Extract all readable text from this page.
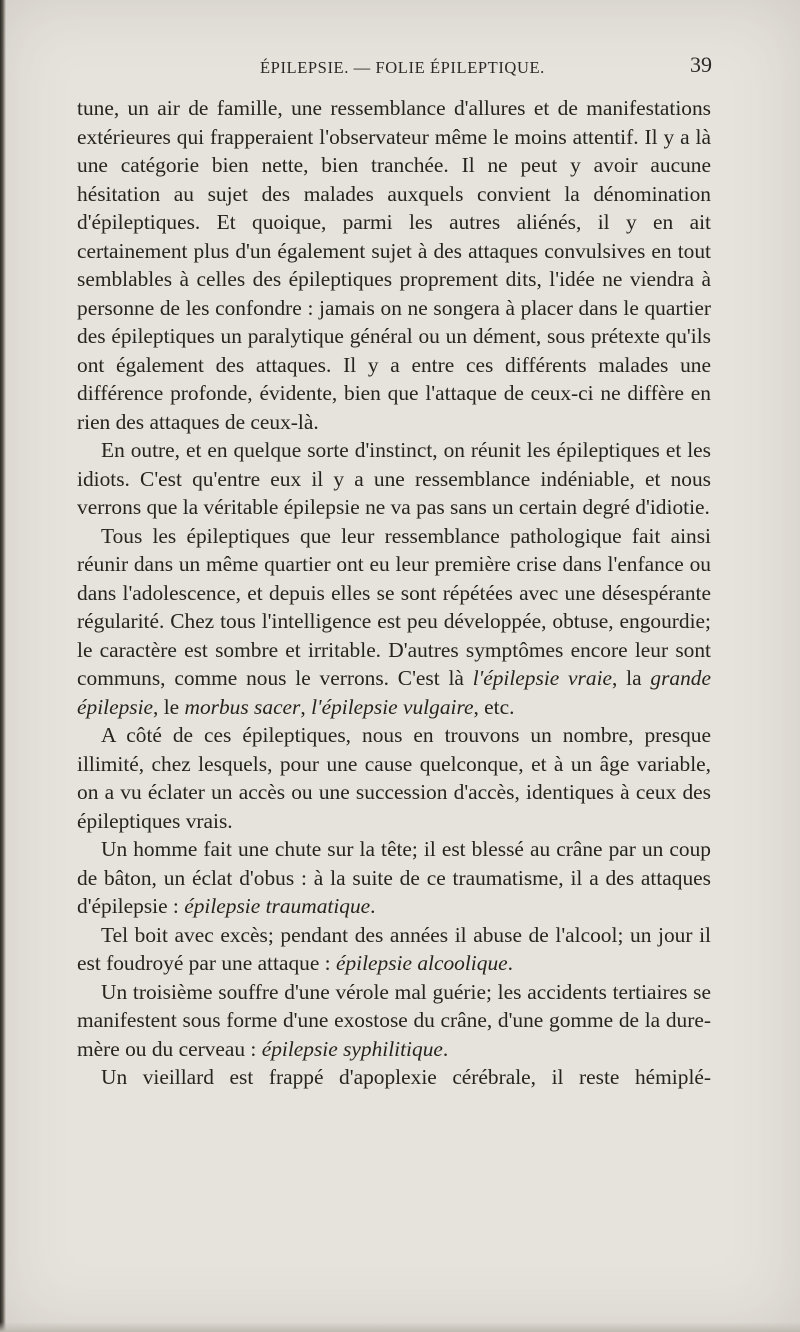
ÉPILEPSIE. — FOLIE ÉPILEPTIQUE.	39

tune, un air de famille, une ressemblance d'allures et de manifestations extérieures qui frapperaient l'observateur même le moins attentif. Il y a là une catégorie bien nette, bien tranchée. Il ne peut y avoir aucune hésitation au sujet des malades auxquels convient la dénomination d'épileptiques. Et quoique, parmi les autres aliénés, il y en ait certainement plus d'un également sujet à des attaques convulsives en tout semblables à celles des épileptiques proprement dits, l'idée ne viendra à personne de les confondre : jamais on ne songera à placer dans le quartier des épileptiques un paralytique général ou un dément, sous prétexte qu'ils ont également des attaques. Il y a entre ces différents malades une différence profonde, évidente, bien que l'attaque de ceux-ci ne diffère en rien des attaques de ceux-là.

En outre, et en quelque sorte d'instinct, on réunit les épileptiques et les idiots. C'est qu'entre eux il y a une ressemblance indéniable, et nous verrons que la véritable épilepsie ne va pas sans un certain degré d'idiotie.

Tous les épileptiques que leur ressemblance pathologique fait ainsi réunir dans un même quartier ont eu leur première crise dans l'enfance ou dans l'adolescence, et depuis elles se sont répétées avec une désespérante régularité. Chez tous l'intelligence est peu développée, obtuse, engourdie; le caractère est sombre et irritable. D'autres symptômes encore leur sont communs, comme nous le verrons. C'est là l'épilepsie vraie, la grande épilepsie, le morbus sacer, l'épilepsie vulgaire, etc.

A côté de ces épileptiques, nous en trouvons un nombre, presque illimité, chez lesquels, pour une cause quelconque, et à un âge variable, on a vu éclater un accès ou une succession d'accès, identiques à ceux des épileptiques vrais.

Un homme fait une chute sur la tête; il est blessé au crâne par un coup de bâton, un éclat d'obus : à la suite de ce traumatisme, il a des attaques d'épilepsie : épilepsie traumatique.

Tel boit avec excès; pendant des années il abuse de l'alcool; un jour il est foudroyé par une attaque : épilepsie alcoolique.

Un troisième souffre d'une vérole mal guérie; les accidents tertiaires se manifestent sous forme d'une exostose du crâne, d'une gomme de la dure-mère ou du cerveau : épilepsie syphilitique.

Un vieillard est frappé d'apoplexie cérébrale, il reste hémiplé-
